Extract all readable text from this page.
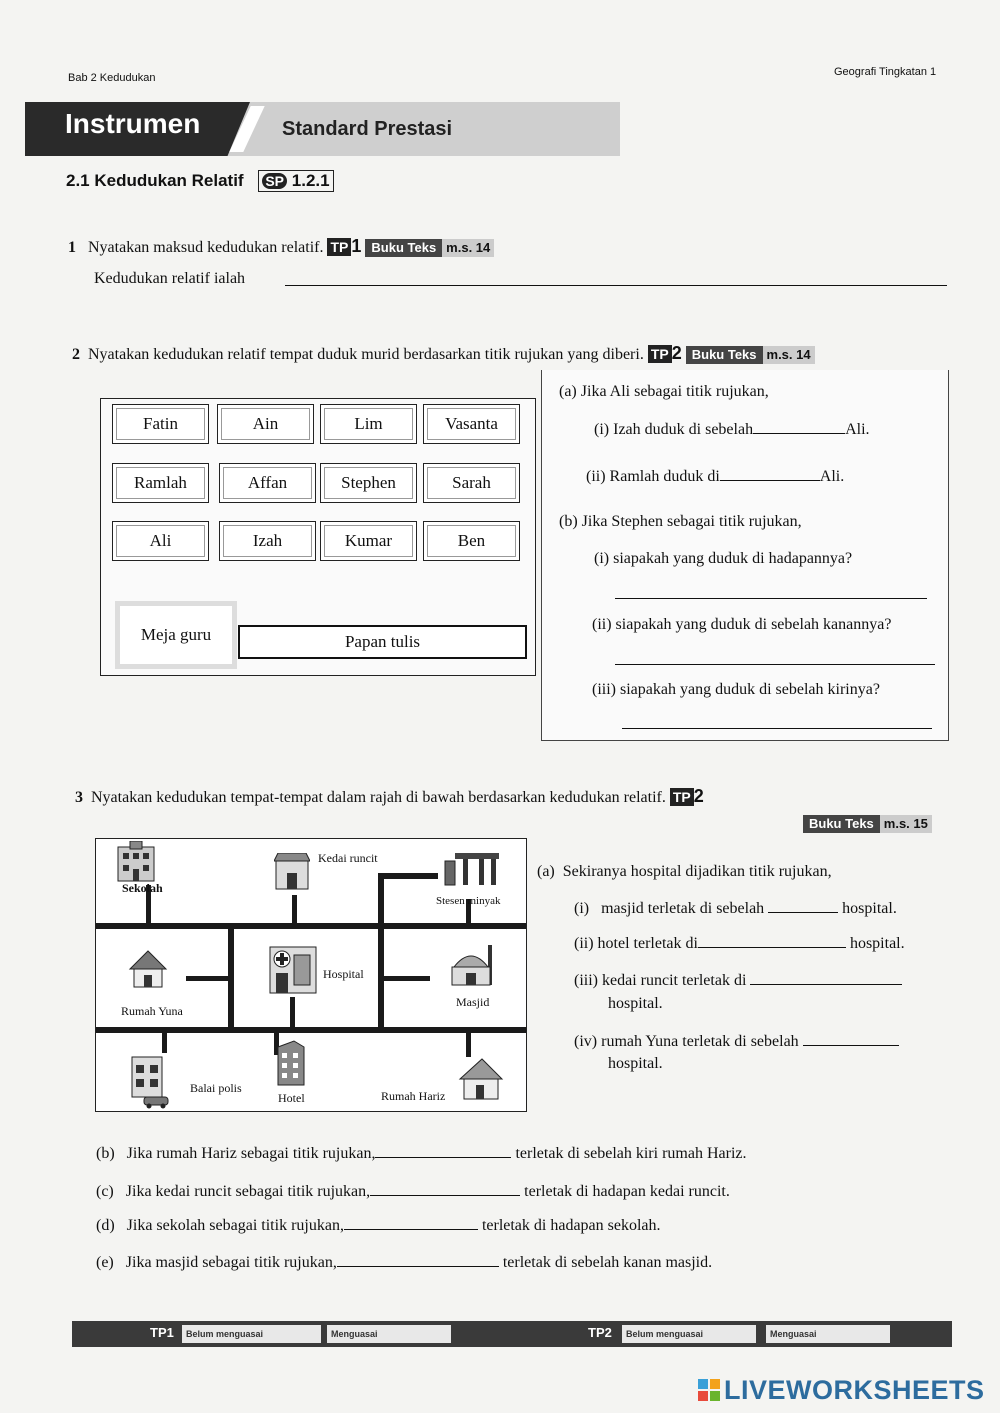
Bab 2 Kedudukan	Geografi Tingkatan 1
Instrumen	Standard Prestasi
2.1 Kedudukan Relatif SP 1.2.1
1 Nyatakan maksud kedudukan relatif. TP 1 Buku Teks m.s. 14
Kedudukan relatif ialah
2 Nyatakan kedudukan relatif tempat duduk murid berdasarkan titik rujukan yang diberi. TP 2 Buku Teks m.s. 14
Fatin	Ain	Lim	Vasanta
Ramlah	Affan	Stephen	Sarah
Ali	Izah	Kumar	Ben
Meja guru	Papan tulis
(a) Jika Ali sebagai titik rujukan,
(i) Izah duduk di sebelah	Ali.
(ii) Ramlah duduk di	Ali.
(b) Jika Stephen sebagai titik rujukan,
(i) siapakah yang duduk di hadapannya?
(ii) siapakah yang duduk di sebelah kanannya?
(iii) siapakah yang duduk di sebelah kirinya?
3 Nyatakan kedudukan tempat-tempat dalam rajah di bawah berdasarkan kedudukan relatif. TP 2
Buku Teks m.s. 15
Sekolah
Kedai runcit
Stesen minyak
Rumah Yuna
Hospital
Masjid
Balai polis
Hotel	Rumah Hariz
(a) Sekiranya hospital dijadikan titik rujukan,
(i) masjid terletak di sebelah	hospital.
(ii) hotel terletak di	hospital.
(iii) kedai runcit terletak di
hospital.
(iv) rumah Yuna terletak di sebelah
hospital.
(b) Jika rumah Hariz sebagai titik rujukan,	terletak di sebelah kiri rumah Hariz.
(c) Jika kedai runcit sebagai titik rujukan,	terletak di hadapan kedai runcit.
(d) Jika sekolah sebagai titik rujukan,	terletak di hadapan sekolah.
(e) Jika masjid sebagai titik rujukan,	terletak di sebelah kanan masjid.
TP1	Belum menguasai	Menguasai	TP2	Belum menguasai	Menguasai
LIVEWORKSHEETS
